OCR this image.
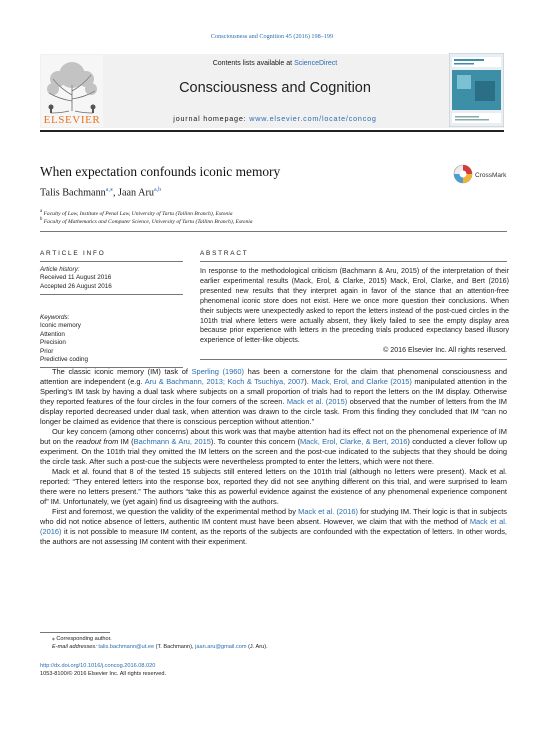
Consciousness and Cognition 45 (2016) 198–199
ELSEVIER
Contents lists available at ScienceDirect
Consciousness and Cognition
journal homepage: www.elsevier.com/locate/concog
When expectation confounds iconic memory	CrossMark
Talis Bachmann$^{a,⁎}$, Jaan Aru$^{a,b}$
$^a$ Faculty of Law, Institute of Penal Law, University of Tartu (Tallinn Branch), Estonia
$^b$ Faculty of Mathematics and Computer Science, University of Tartu (Tallinn Branch), Estonia
ARTICLE INFO
Article history:
Received 11 August 2016
Accepted 26 August 2016
Keywords:
Iconic memory
Attention
Precision
Prior
Predictive coding
ABSTRACT
In response to the methodological criticism (Bachmann & Aru, 2015) of the interpretation of their earlier experimental results (Mack, Erol, & Clarke, 2015) Mack, Erol, Clarke, and Bert (2016) presented new results that they interpret again in favor of the stance that an attention-free phenomenal iconic store does not exist. Here we once more question their conclusions. When their subjects were unexpectedly asked to report the letters instead of the post-cued circles in the 101th trial where letters were actually absent, they likely failed to see the empty display area because prior experience with letters in the preceding trials produced expectancy based illusory experience of letter-like objects.
© 2016 Elsevier Inc. All rights reserved.

The classic iconic memory (IM) task of Sperling (1960) has been a cornerstone for the claim that phenomenal consciousness and attention are independent (e.g. Aru & Bachmann, 2013; Koch & Tsuchiya, 2007). Mack, Erol, and Clarke (2015) manipulated attention in the Sperling’s IM task by having a dual task where subjects on a small proportion of trials had to report the letters on the IM display. Otherwise they reported features of the four circles in the four corners of the screen. Mack et al. (2015) observed that the number of letters from the IM display reported decreased under dual task, when attention was drawn to the circle task. From this finding they concluded that IM “can no longer be claimed as evidence that there is conscious perception without attention.”

Our key concern (among other concerns) about this work was that maybe attention had its effect not on the phenomenal experience of IM but on the readout from IM (Bachmann & Aru, 2015). To counter this concern (Mack, Erol, Clarke, & Bert, 2016) conducted a clever follow up experiment. On the 101th trial they omitted the IM letters on the screen and the post-cue indicated to the subjects that they should be doing the circle task. After such a post-cue the subjects were nevertheless prompted to enter the letters, which were not there.

Mack et al. found that 8 of the tested 15 subjects still entered letters on the 101th trial (although no letters were present). Mack et al. reported: “They entered letters into the response box, reported they did not see anything different on this trial, and were surprised to learn there were no letters present.” The authors “take this as powerful evidence against the existence of any phenomenal experience component of” IM. Unfortunately, we (yet again) find us disagreeing with the authors.

First and foremost, we question the validity of the experimental method by Mack et al. (2016) for studying IM. Their logic is that in subjects who did not notice absence of letters, authentic IM content must have been absent. However, we claim that with the method of Mack et al. (2016) it is not possible to measure IM content, as the reports of the subjects are confounded with the expectation of letters. In other words, the authors are not assessing IM content with their experiment.

⁎ Corresponding author.
E-mail addresses: talis.bachmann@ut.ee (T. Bachmann), jaan.aru@gmail.com (J. Aru).
http://dx.doi.org/10.1016/j.concog.2016.08.020
1053-8100/© 2016 Elsevier Inc. All rights reserved.
